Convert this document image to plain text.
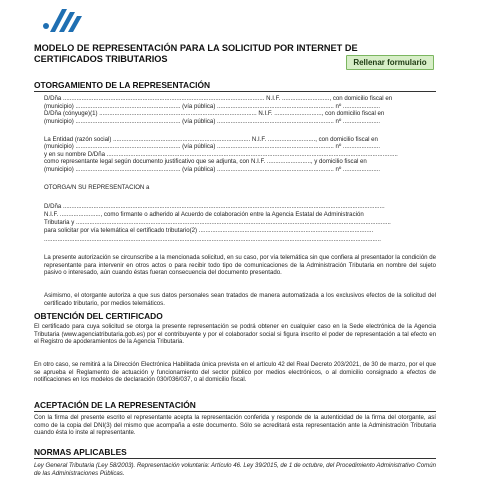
MODELO DE REPRESENTACIÓN PARA LA SOLICITUD POR INTERNET DE CERTIFICADOS TRIBUTARIOS	Rellenar formulario
OTORGAMIENTO DE LA REPRESENTACIÓN
D/Dña ....................................................................................................................... N.I.F. ............................, con domicilio fiscal en
(municipio) .............................................................. (vía pública) ..................................................................... nº ......................
D/Dña (cónyuge)(1) ............................................................................................. N.I.F. ............................, con domicilio fiscal en
(municipio) .............................................................. (vía pública) ..................................................................... nº ......................
La Entidad (razón social) ................................................................................. N.I.F. ............................, con domicilio fiscal en
(municipio) .............................................................. (vía pública) ..................................................................... nº ......................
y en su nombre D/Dña ............................................................................................................................................................................
como representante legal según documento justificativo que se adjunta, con N.I.F. .........................., y domicilio fiscal en
(municipio) .............................................................. (vía pública) ..................................................................... nº ......................
OTORGA/N SU REPRESENTACIÓN a
D/Dña ..............................................................................................................................................................................................
N.I.F. ........................, como firmante o adherido al Acuerdo de colaboración entre la Agencia Estatal de Administración
Tributaria y ..........................................................................................................................................................................................
para solicitar por vía telemática el certificado tributario(2) .......................................................................................................
.......................................................................................................................................................................................................
La presente autorización se circunscribe a la mencionada solicitud, en su caso, por vía telemática sin que confiera al presentador la condición de representante para intervenir en otros actos o para recibir todo tipo de comunicaciones de la Administración Tributaria en nombre del sujeto pasivo o interesado, aún cuando éstas fueran consecuencia del documento presentado.
Asimismo, el otorgante autoriza a que sus datos personales sean tratados de manera automatizada a los exclusivos efectos de la solicitud del certificado tributario, por medios telemáticos.
OBTENCIÓN DEL CERTIFICADO
El certificado para cuya solicitud se otorga la presente representación se podrá obtener en cualquier caso en la Sede electrónica de la Agencia Tributaria (www.agenciatributaria.gob.es) por el contribuyente y por el colaborador social si figura inscrito el poder de representación a tal efecto en el Registro de apoderamientos de la Agencia Tributaria.
En otro caso, se remitirá a la Dirección Electrónica Habilitada única prevista en el artículo 42 del Real Decreto 203/2021, de 30 de marzo, por el que se aprueba el Reglamento de actuación y funcionamiento del sector público por medios electrónicos, o al domicilio consignado a efectos de notificaciones en los modelos de declaración 030/036/037, o al domicilio fiscal.
ACEPTACIÓN DE LA REPRESENTACIÓN
Con la firma del presente escrito el representante acepta la representación conferida y responde de la autenticidad de la firma del otorgante, así como de la copia del DNI(3) del mismo que acompaña a este documento. Sólo se acreditará esta representación ante la Administración Tributaria cuando ésta lo inste al representante.
NORMAS APLICABLES
Ley General Tributaria (Ley 58/2003). Representación voluntaria: Artículo 46. Ley 39/2015, de 1 de octubre, del Procedimiento Administrativo Común de las Administraciones Públicas.
